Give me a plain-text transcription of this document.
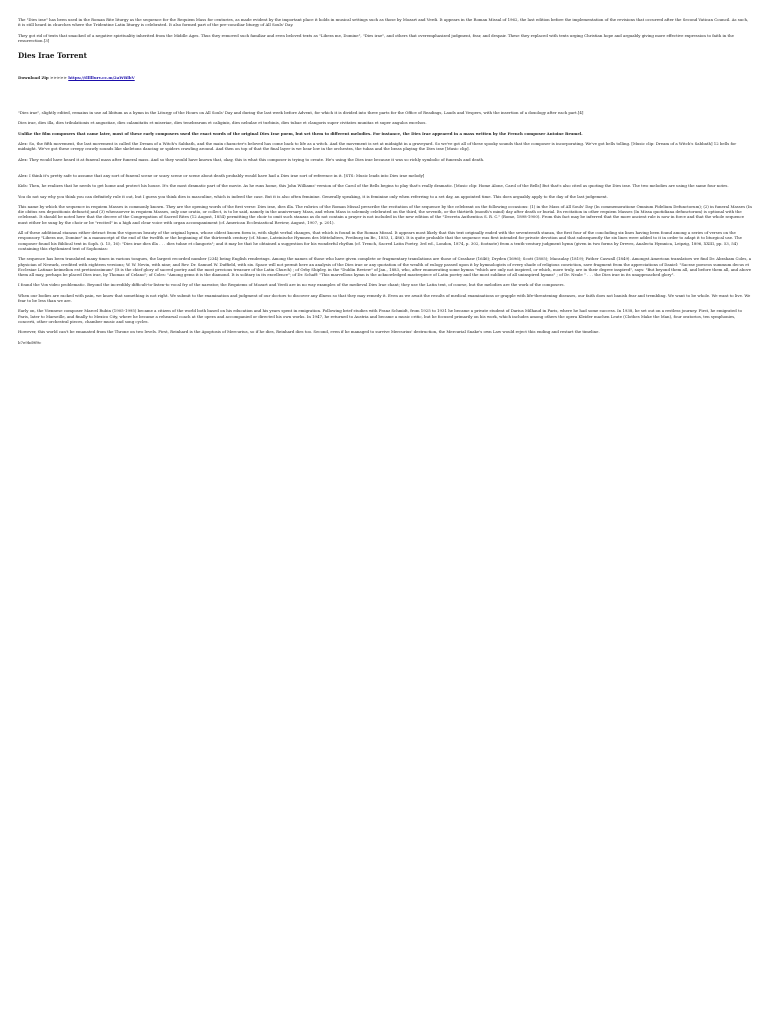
The "Dies irae" has been used in the Roman Rite liturgy as the sequence for the Requiem Mass for centuries, as made evident by the important place it holds in musical settings such as those by Mozart and Verdi. It appears in the Roman Missal of 1962, the last edition before the implementation of the revisions that occurred after the Second Vatican Council. As such, it is still heard in churches where the Tridentine Latin liturgy is celebrated. It also formed part of the pre-conciliar liturgy of All Souls' Day.

They got rid of texts that smacked of a negative spirituality inherited from the Middle Ages. Thus they removed such familiar and even beloved texts as "Libera me, Domine", "Dies irae", and others that overemphasized judgment, fear, and despair. These they replaced with texts urging Christian hope and arguably giving more effective expression to faith in the resurrection.[3]

Dies Irae Torrent
Download Zip >>>>> https://tlllllurv.cc.m/2aWBlbV

"Dies irae", slightly edited, remains in use ad libitum as a hymn in the Liturgy of the Hours on All Souls' Day and during the last week before Advent, for which it is divided into three parts for the Office of Readings, Lauds and Vespers, with the insertion of a doxology after each part.[4]

Dies irae, dies illa, dies tribulationis et angustiae, dies calamitatis et miseriae, dies tenebrarum et caliginis, dies nebulae et turbinis, dies tubae et clangoris super civitates munitas et super angulos excelsos.

Unlike the film composers that came later, most of these early composers used the exact words of the original Dies Irae poem, but set them to different melodies. For instance, the Dies Irae appeared in a mass written by the French composer Antoine Brumel.

Alex: So, the fifth movement, the last movement is called the Dream of a Witch's Sabbath, and the main character's beloved has come back to life as a witch. And the movement is set at midnight in a graveyard. So we've got all of these spooky sounds that the composer is incorporating. We've got bells tolling. [Music clip: Dream of a Witch's Sabbath] 12 bells for midnight. We've got these creepy crawly sounds like skeletons dancing or spiders crawling around. And then on top of that the final layer is we hear low in the orchestra, the tubas and the brass playing the Dies irae [Music clip].

Alex: They would have heard it at funeral mass after funeral mass. And so they would have known that, okay, this is what this composer is trying to create. He's using the Dies irae because it was so richly symbolic of funerals and death.

Alex: I think it's pretty safe to assume that any sort of funeral scene or scary scene or scene about death probably would have had a Dies irae sort of reference in it. [STS: Music leads into Dies irae melody]

Kids: Then, he realizes that he needs to get home and protect his house. It's the most dramatic part of the movie. As he runs home, this John Williams' version of the Carol of the Bells begins to play that's really dramatic. [Music clip: Home Alone, Carol of the Bells] But that's also cited as quoting the Dies irae. The two melodies are using the same four notes.

You do not say why you think you can definitely rule it out, but I guess you think dies is masculine, which is indeed the case. But it is also often feminine. Generally speaking, it is feminine only when referring to a set day, an appointed time. This does arguably apply to the day of the last judgement.

This name by which the sequence in requiem Masses is commonly known. They are the opening words of the first verse: Dies irae, dies illa. The rubrics of the Roman Missal prescribe the recitation of the sequence by the celebrant on the following occasions: (1) in the Mass of All Souls' Day (In commemoratione Omnium Fidelium Defunctorum); (2) in funeral Masses (In die obitus seu depositionis defuncti);and (3) whensoever in requiem Masses, only one oratio, or collect, is to be said, namely in the anniversary Mass, and when Mass is solemnly celebrated on the third, the seventh, or the thirtieth (month's mind) day after death or burial. Its recitation in other requiem Masses (In Missa quotidiana defunctorum) is optional with the celebrant. It should be noted here that the decree of the Congregation of Sacred Rites (12 August, 1854) permitting the choir to omit such stanzas as do not contain a prayer is not included in the new edition of the "Decreta Authentica S. R. C." (Rome, 1898-1900). From this fact may be inferred that the more ancient rule is now in force and that the whole sequence must either be sung by the choir or be "recited" in a high and clear voice with organ accompaniment (cf. American Ecclesiastical Review, August, 1907, p. 201).

All of these additional stanzas either detract from the vigorous beauty of the original hymn, whose oldest known form is, with slight verbal changes, that which is found in the Roman Missal. It appears most likely that this text originally ended with the seventeenth stanza, the first four of the concluding six lines having been found among a series of verses on the responsory "Libera me, Domine" in a manuscript of the end of the twelfth or the beginning of the thirteenth century (cf. Mone, Lateinische Hymnen des Mittelalters, Freiburg im Br., 1853, I, 486). It is quite probable that the sequence was first intended for private devotion and that subsequently the six lines were added to it in order to adapt it to liturgical use. The composer found his Biblical text in Soph. (i. 15, 16): "Dies irae dies illa . . . dies tubae et clangoris"; and it may be that he obtained a suggestion for his wonderful rhythm (cf. Trench, Sacred Latin Poetry, 3rd ed., London, 1874, p. 302, footnote) from a tenth-century judgment hymn (given in two forms by Dreves, Analecta Hymnica, Leipzig, 1896, XXIII, pp. 53, 54) containing this rhythmized text of Sophonias:

The sequence has been translated many times in various tongues, the largest recorded number (234) being English renderings. Among the names of those who have given complete or fragmentary translations are those of Crashaw (1646); Dryden (1696); Scott (1805); Macaulay (1819); Father Caswall (1849). Amongst American translators we find Dr. Abraham Coles, a physician of Newark, credited with eighteen versions; W. W. Nevin, with nine; and Rev. Dr. Samuel W. Duffield, with six. Space will not permit here an analysis of the Dies irae or any quotation of the wealth of eulogy passed upon it by hymnologists of every shade of religious conviction, save fragment from the appreciations of Daniel: "Sacrae poeseos summum decus et Ecclesiae Latinae keimelion est pretiosissimum" (It is the chief glory of sacred poetry and the most precious treasure of the Latin Church) ; of Orby Shipley, in the "Dublin Review" of Jan., 1883, who, after enumerating some hymns "which are only not inspired, or which, more truly, are in their degree inspired", says: "But beyond them all, and before them all, and above them all may, perhaps be placed Dies irae, by Thomas of Celano"; of Coles: "Among gems it is the diamond. It is solitary in its excellence"; of Dr. Schaff: "This marvellous hymn is the acknowledged masterpiece of Latin poetry and the most sublime of all uninspired hymns" ; of Dr. Neale " . . . the Dies irae in its unapproached glory".

I found the Vox video problematic. Beyond the incredibly difficult-to-listen-to vocal fry of the narrator, the Requiems of Mozart and Verdi are in no way examples of the medieval Dies Irae chant; they use the Latin text, of course, but the melodies are the work of the composers.

When our bodies are racked with pain, we know that something is not right. We submit to the examination and judgment of our doctors to discover any illness so that they may remedy it. Even as we await the results of medical examinations or grapple with life-threatening diseases, our faith does not banish fear and trembling. We want to be whole. We want to live. We fear to be less than we are.

Early on, the Viennese composer Marcel Rubin (1905-1995) became a citizen of the world both based on his education and his years spent in emigration. Following brief studies with Franz Schmidt, from 1925 to 1931 he became a private student of Darius Milhaud in Paris, where he had some success. In 1938, he set out on a restless journey. First, he emigrated to Paris, later to Marseille, and finally to Mexico City, where he became a rehearsal coach at the opera and accompanied or directed his own works. In 1947, he returned to Austria and became a music critic, but he focused primarily on his work, which includes among others the opera Kleider machen Leute (Clothes Make the Man), four oratorios, ten symphonies, concerti, other orchestral pieces, chamber music and song cycles.

However, this world can't be emanated from the Throne on two levels. First, Reinhard is the Apoptosis of Mercurius, so if he dies, Reinhard dies too. Second, even if he managed to survive Mercurius' destruction, the Mercurial Snake's own Law would reject this ending and restart the timeline.

b7e9bd9f9c
